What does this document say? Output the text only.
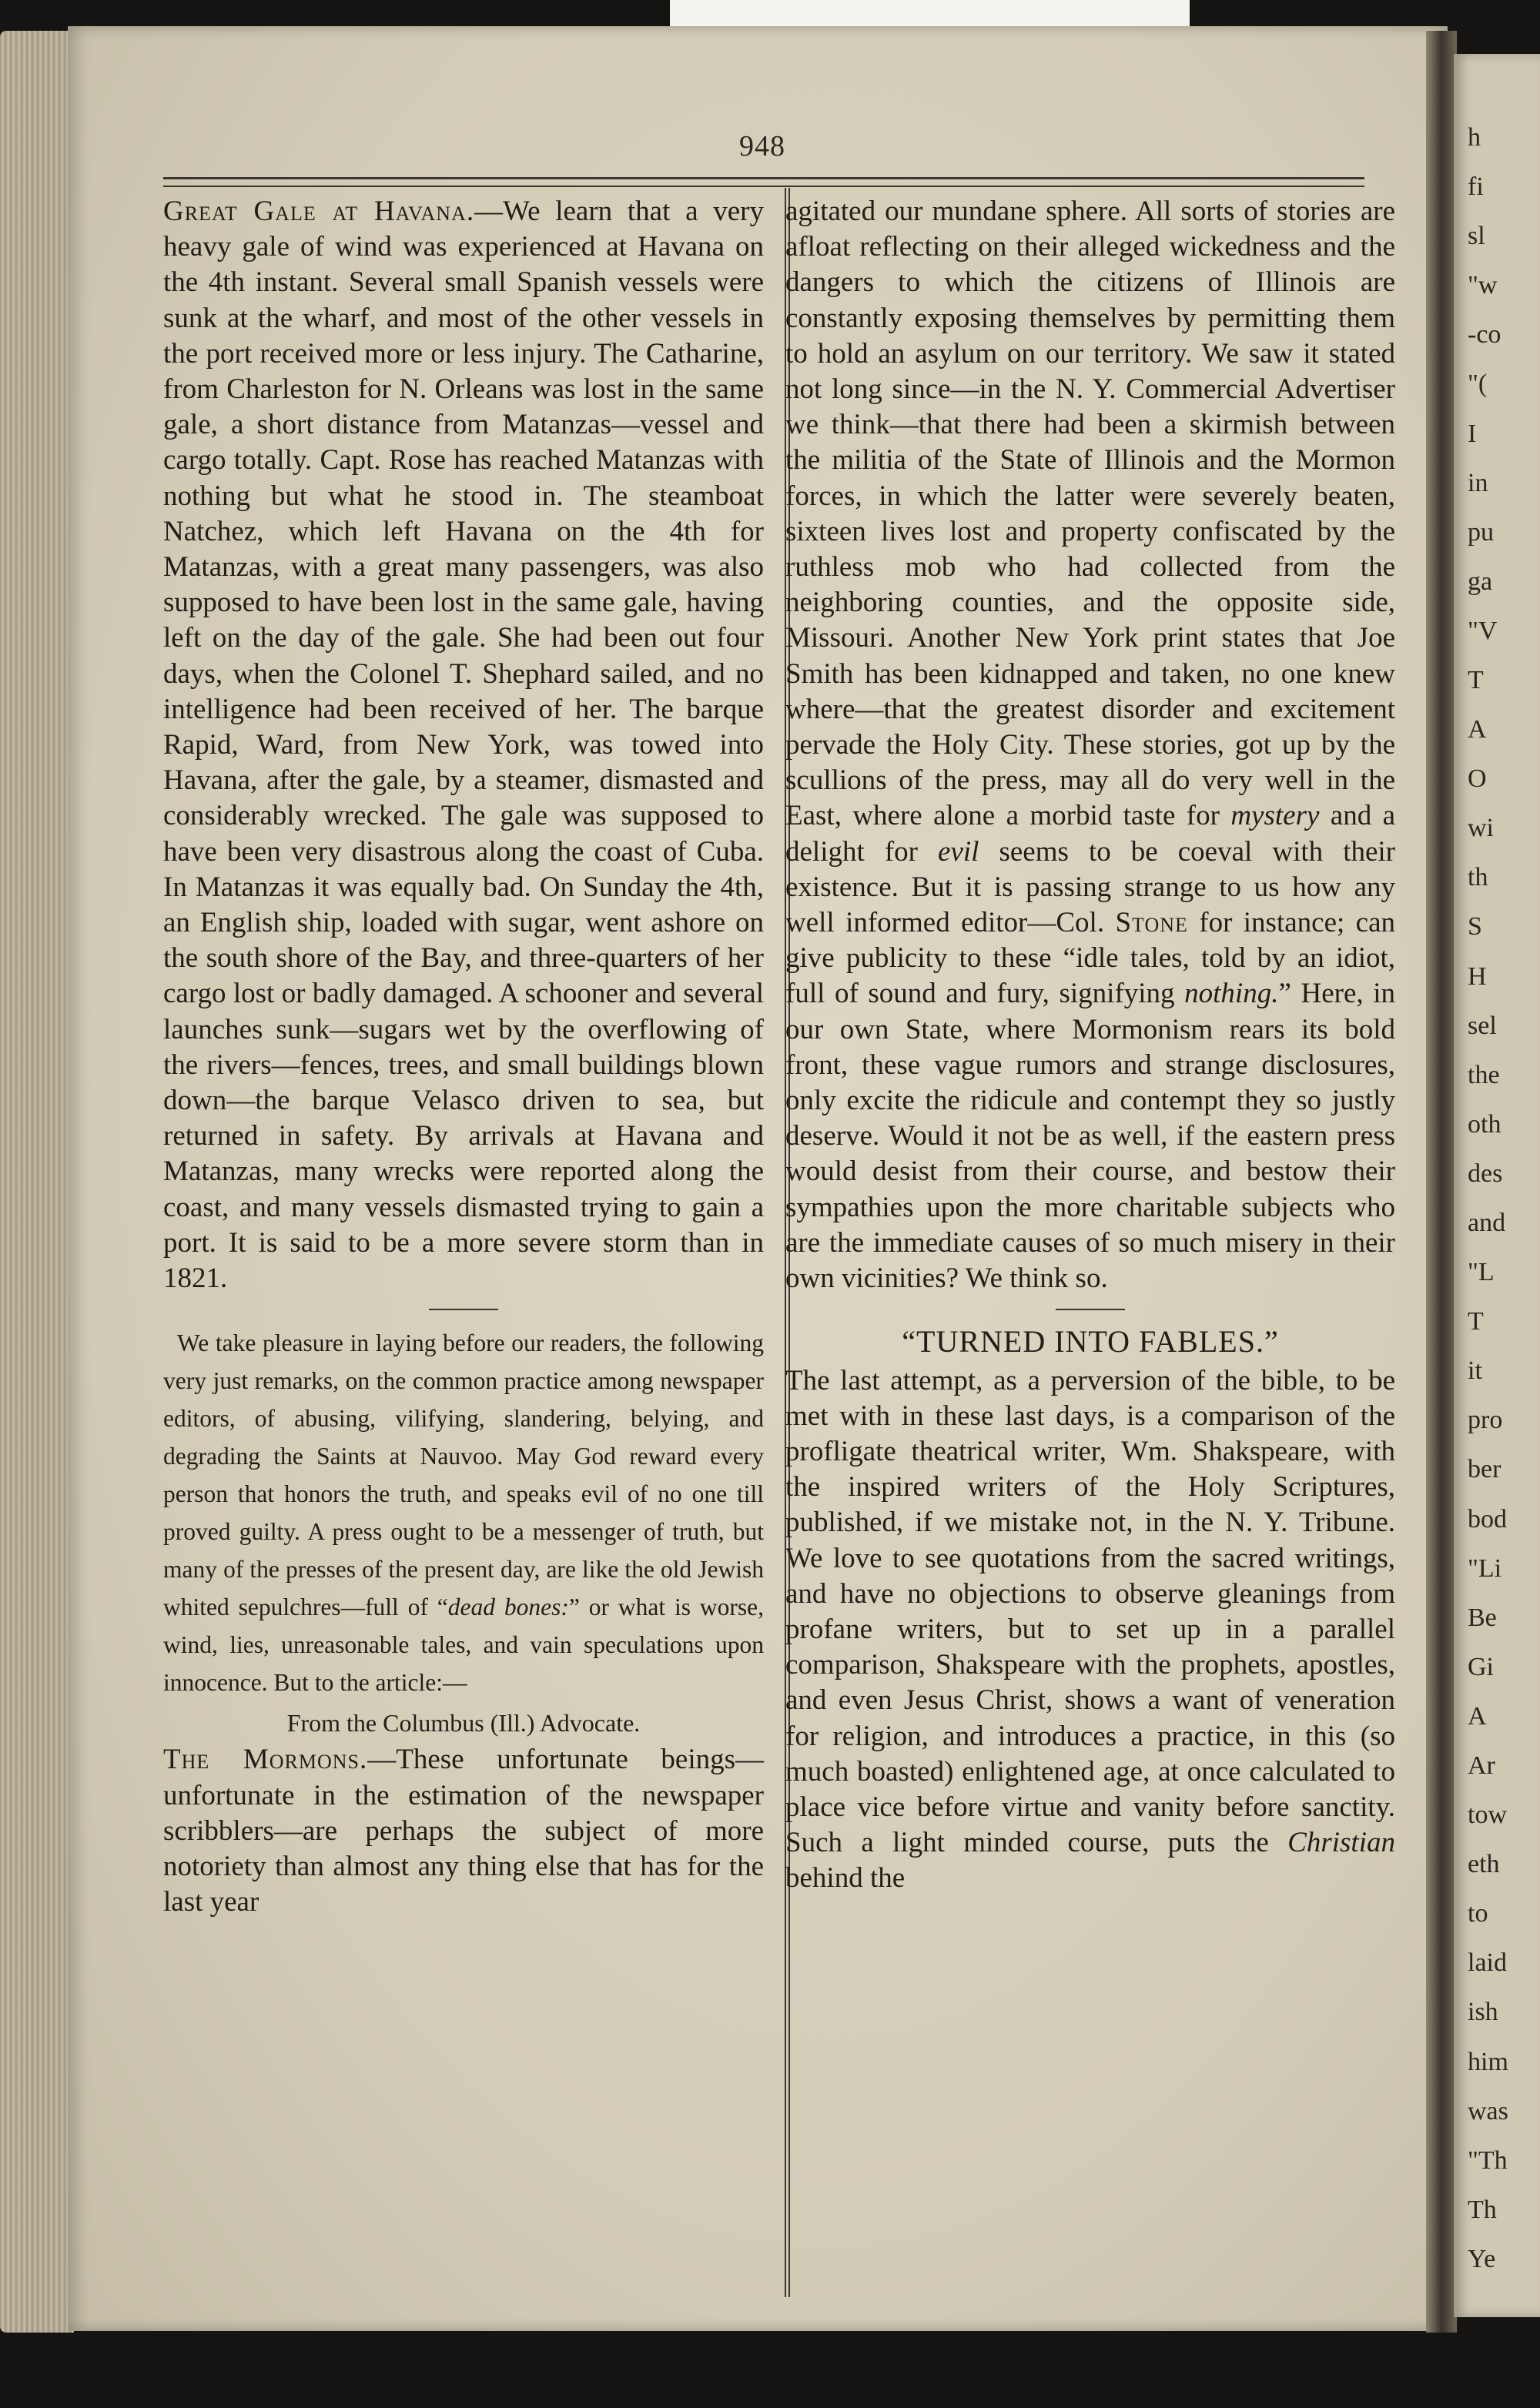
h
fi
sl
"w
-co
"(
I
in
pu
ga
"V
T
A
O
wi
th
S
H
sel
the
oth
des
and
"L
T
it
pro
ber
bod
"Li
Be
Gi
A
Ar
tow
eth
to
laid
ish
him
was
"Th
Th
Ye
948

Great Gale at Havana.—We learn that a very heavy gale of wind was experienced at Havana on the 4th instant. Several small Spanish vessels were sunk at the wharf, and most of the other vessels in the port received more or less injury. The Catharine, from Charleston for N. Orleans was lost in the same gale, a short distance from Matanzas—vessel and cargo totally. Capt. Rose has reached Matanzas with nothing but what he stood in. The steamboat Natchez, which left Havana on the 4th for Matanzas, with a great many passengers, was also supposed to have been lost in the same gale, having left on the day of the gale. She had been out four days, when the Colonel T. Shephard sailed, and no intelligence had been received of her. The barque Rapid, Ward, from New York, was towed into Havana, after the gale, by a steamer, dismasted and considerably wrecked. The gale was supposed to have been very disastrous along the coast of Cuba. In Matanzas it was equally bad. On Sunday the 4th, an English ship, loaded with sugar, went ashore on the south shore of the Bay, and three-quarters of her cargo lost or badly damaged. A schooner and several launches sunk—sugars wet by the overflowing of the rivers—fences, trees, and small buildings blown down—the barque Velasco driven to sea, but returned in safety. By arrivals at Havana and Matanzas, many wrecks were reported along the coast, and many vessels dismasted trying to gain a port. It is said to be a more severe storm than in 1821.

We take pleasure in laying before our readers, the following very just remarks, on the common practice among newspaper editors, of abusing, vilifying, slandering, belying, and degrading the Saints at Nauvoo. May God reward every person that honors the truth, and speaks evil of no one till proved guilty. A press ought to be a messenger of truth, but many of the presses of the present day, are like the old Jewish whited sepulchres—full of “dead bones:” or what is worse, wind, lies, unreasonable tales, and vain speculations upon innocence. But to the article:—

From the Columbus (Ill.) Advocate.

The Mormons.—These unfortunate beings—unfortunate in the estimation of the newspaper scribblers—are perhaps the subject of more notoriety than almost any thing else that has for the last year

agitated our mundane sphere. All sorts of stories are afloat reflecting on their alleged wickedness and the dangers to which the citizens of Illinois are constantly exposing themselves by permitting them to hold an asylum on our territory. We saw it stated not long since—in the N. Y. Commercial Advertiser we think—that there had been a skirmish between the militia of the State of Illinois and the Mormon forces, in which the latter were severely beaten, sixteen lives lost and property confiscated by the ruthless mob who had collected from the neighboring counties, and the opposite side, Missouri. Another New York print states that Joe Smith has been kidnapped and taken, no one knew where—that the greatest disorder and excitement pervade the Holy City. These stories, got up by the scullions of the press, may all do very well in the East, where alone a morbid taste for mystery and a delight for evil seems to be coeval with their existence. But it is passing strange to us how any well informed editor—Col. Stone for instance; can give publicity to these “idle tales, told by an idiot, full of sound and fury, signifying nothing.” Here, in our own State, where Mormonism rears its bold front, these vague rumors and strange disclosures, only excite the ridicule and contempt they so justly deserve. Would it not be as well, if the eastern press would desist from their course, and bestow their sympathies upon the more charitable subjects who are the immediate causes of so much misery in their own vicinities? We think so.

“TURNED INTO FABLES.”

The last attempt, as a perversion of the bible, to be met with in these last days, is a comparison of the profligate theatrical writer, Wm. Shakspeare, with the inspired writers of the Holy Scriptures, published, if we mistake not, in the N. Y. Tribune. We love to see quotations from the sacred writings, and have no objections to observe gleanings from profane writers, but to set up in a parallel comparison, Shakspeare with the prophets, apostles, and even Jesus Christ, shows a want of veneration for religion, and introduces a practice, in this (so much boasted) enlightened age, at once calculated to place vice before virtue and vanity before sanctity. Such a light minded course, puts the Christian behind the
